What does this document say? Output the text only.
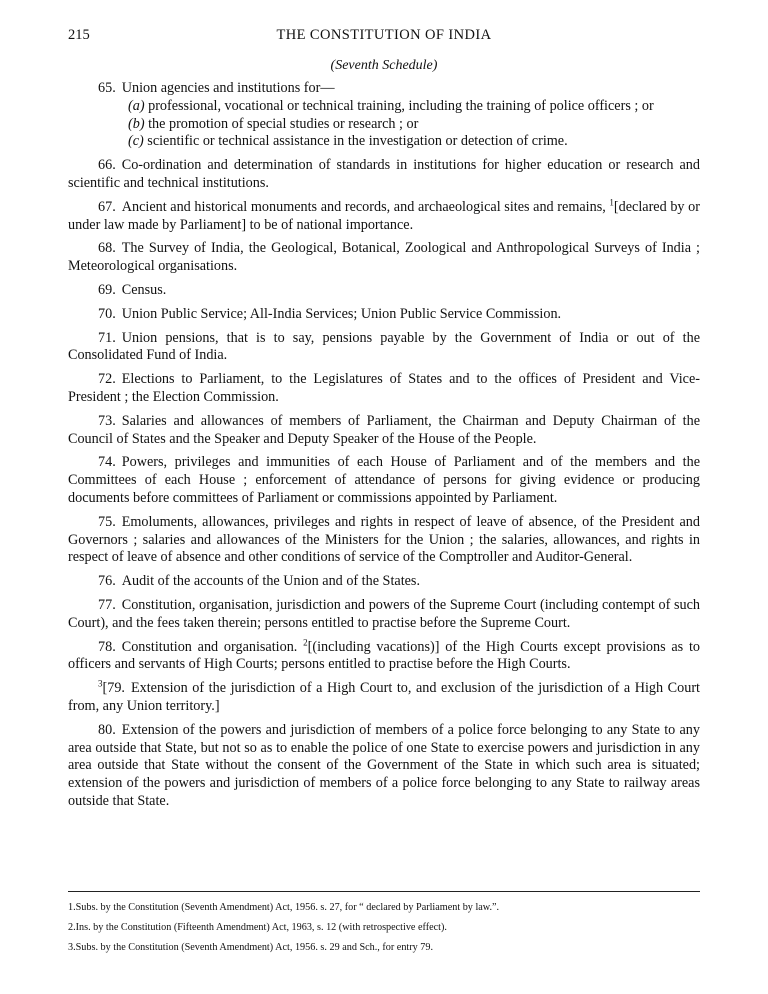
215	THE CONSTITUTION OF INDIA
(Seventh Schedule)

65. Union agencies and institutions for—

(a) professional, vocational or technical training, including the training of police officers ; or

(b) the promotion of special studies or research ; or

(c) scientific or technical assistance in the investigation or detection of crime.

66. Co-ordination and determination of standards in institutions for higher education or research and scientific and technical institutions.

67. Ancient and historical monuments and records, and archaeological sites and remains, $^1$[declared by or under law made by Parliament] to be of national importance.

68. The Survey of India, the Geological, Botanical, Zoological and Anthropological Surveys of India ; Meteorological organisations.

69. Census.

70. Union Public Service; All-India Services; Union Public Service Commission.

71. Union pensions, that is to say, pensions payable by the Government of India or out of the Consolidated Fund of India.

72. Elections to Parliament, to the Legislatures of States and to the offices of President and Vice-President ; the Election Commission.

73. Salaries and allowances of members of Parliament, the Chairman and Deputy Chairman of the Council of States and the Speaker and Deputy Speaker of the House of the People.

74. Powers, privileges and immunities of each House of Parliament and of the members and the Committees of each House ; enforcement of attendance of persons for giving evidence or producing documents before committees of Parliament or commissions appointed by Parliament.

75. Emoluments, allowances, privileges and rights in respect of leave of absence, of the President and Governors ; salaries and allowances of the Ministers for the Union ; the salaries, allowances, and rights in respect of leave of absence and other conditions of service of the Comptroller and Auditor-General.

76. Audit of the accounts of the Union and of the States.

77. Constitution, organisation, jurisdiction and powers of the Supreme Court (including contempt of such Court), and the fees taken therein; persons entitled to practise before the Supreme Court.

78. Constitution and organisation. $^2$[(including vacations)] of the High Courts except provisions as to officers and servants of High Courts; persons entitled to practise before the High Courts.

$^3$[79. Extension of the jurisdiction of a High Court to, and exclusion of the jurisdiction of a High Court from, any Union territory.]

80. Extension of the powers and jurisdiction of members of a police force belonging to any State to any area outside that State, but not so as to enable the police of one State to exercise powers and jurisdiction in any area outside that State without the consent of the Government of the State in which such area is situated; extension of the powers and jurisdiction of members of a police force belonging to any State to railway areas outside that State.

1.Subs. by the Constitution (Seventh Amendment) Act, 1956. s. 27, for “ declared by Parliament by law.”.

2.Ins. by the Constitution (Fifteenth Amendment) Act, 1963, s. 12 (with retrospective effect).

3.Subs. by the Constitution (Seventh Amendment) Act, 1956. s. 29 and Sch., for entry 79.
